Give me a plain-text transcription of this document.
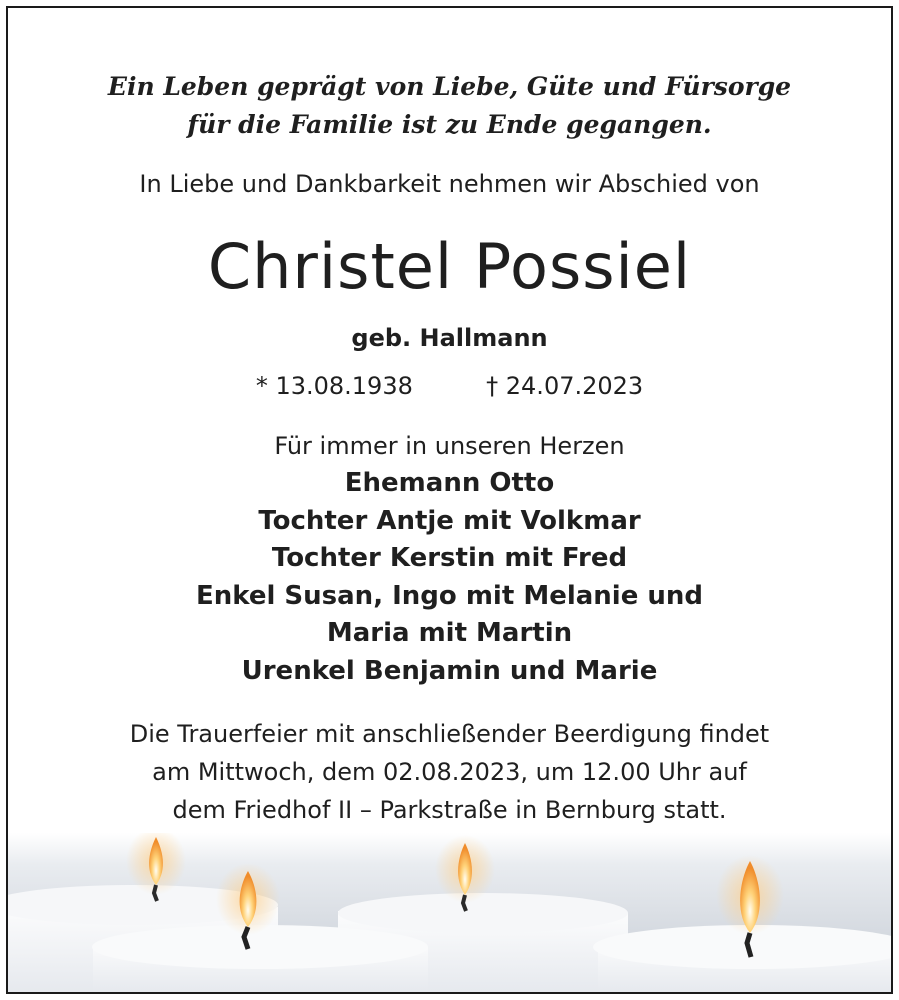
Ein Leben geprägt von Liebe, Güte und Fürsorge
für die Familie ist zu Ende gegangen.
In Liebe und Dankbarkeit nehmen wir Abschied von
Christel Possiel
geb. Hallmann
* 13.08.1938	† 24.07.2023
Für immer in unseren Herzen
Ehemann Otto
Tochter Antje mit Volkmar
Tochter Kerstin mit Fred
Enkel Susan, Ingo mit Melanie und
Maria mit Martin
Urenkel Benjamin und Marie
Die Trauerfeier mit anschließender Beerdigung findet
am Mittwoch, dem 02.08.2023, um 12.00 Uhr auf
dem Friedhof II – Parkstraße in Bernburg statt.
